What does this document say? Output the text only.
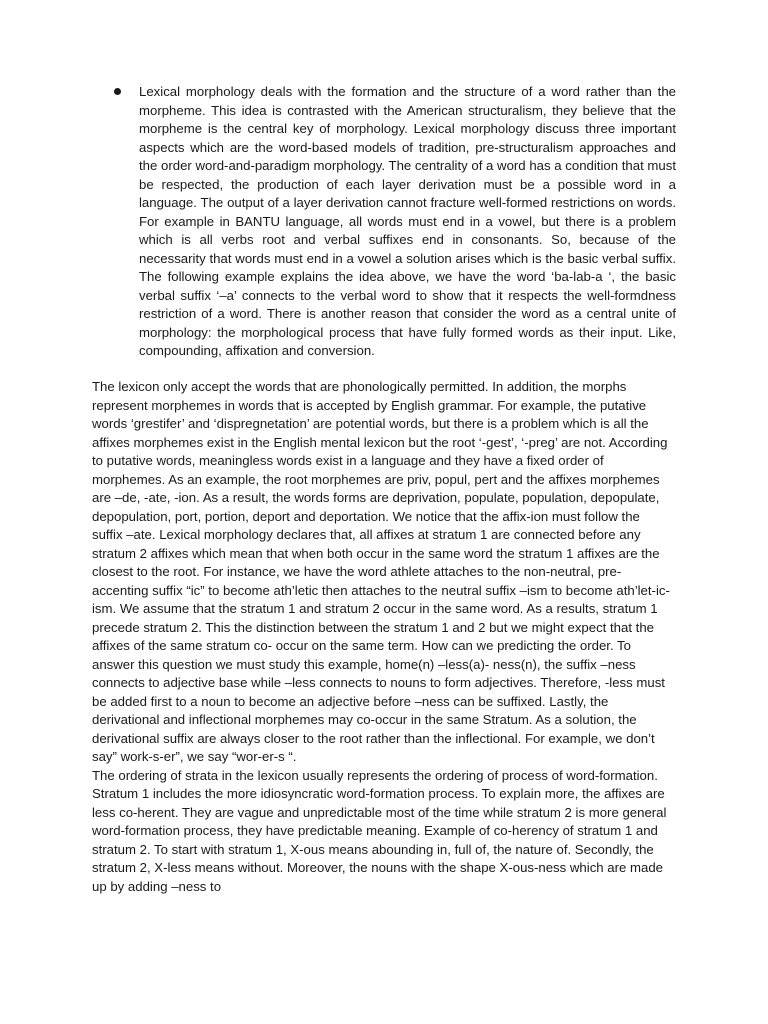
Lexical morphology deals with the formation and the structure of a word rather than the morpheme. This idea is contrasted with the American structuralism, they believe that the morpheme is the central key of morphology. Lexical morphology discuss three important aspects which are the word-based models of tradition, pre-structuralism approaches and the order word-and-paradigm morphology. The centrality of a word has a condition that must be respected, the production of each layer derivation must be a possible word in a language. The output of a layer derivation cannot fracture well-formed restrictions on words. For example in BANTU language, all words must end in a vowel, but there is a problem which is all verbs root and verbal suffixes end in consonants. So, because of the necessarity that words must end in a vowel a solution arises which is the basic verbal suffix. The following example explains the idea above, we have the word ‘ba-lab-a ‘, the basic verbal suffix ‘–a’ connects to the verbal word to show that it respects the well-formdness restriction of a word. There is another reason that consider the word as a central unite of morphology: the morphological process that have fully formed words as their input. Like, compounding, affixation and conversion.

The lexicon only accept the words that are phonologically permitted. In addition, the morphs represent morphemes in words that is accepted by English grammar. For example, the putative words ‘grestifer’ and ‘dispregnetation’ are potential words, but there is a problem which is all the affixes morphemes exist in the English mental lexicon but the root ‘-gest’, ‘-preg’ are not. According to putative words, meaningless words exist in a language and they have a fixed order of morphemes. As an example, the root morphemes are priv, popul, pert and the affixes morphemes are –de, -ate, -ion. As a result, the words forms are deprivation, populate, population, depopulate, depopulation, port, portion, deport and deportation. We notice that the affix-ion must follow the suffix –ate. Lexical morphology declares that, all affixes at stratum 1 are connected before any stratum 2 affixes which mean that when both occur in the same word the stratum 1 affixes are the closest to the root. For instance, we have the word athlete attaches to the non-neutral, pre-accenting suffix “ic” to become ath’letic then attaches to the neutral suffix –ism to become ath’let-ic-ism. We assume that the stratum 1 and stratum 2 occur in the same word. As a results, stratum 1 precede stratum 2. This the distinction between the stratum 1 and 2 but we might expect that the affixes of the same stratum co- occur on the same term. How can we predicting the order. To answer this question we must study this example, home(n) –less(a)- ness(n), the suffix –ness connects to adjective base while –less connects to nouns to form adjectives. Therefore, -less must be added first to a noun to become an adjective before –ness can be suffixed. Lastly, the derivational and inflectional morphemes may co-occur in the same Stratum. As a solution, the derivational suffix are always closer to the root rather than the inflectional. For example, we don’t say” work-s-er”, we say “wor-er-s “.

The ordering of strata in the lexicon usually represents the ordering of process of word-formation. Stratum 1 includes the more idiosyncratic word-formation process. To explain more, the affixes are less co-herent. They are vague and unpredictable most of the time while stratum 2 is more general word-formation process, they have predictable meaning. Example of co-herency of stratum 1 and stratum 2. To start with stratum 1, X-ous means abounding in, full of, the nature of. Secondly, the stratum 2, X-less means without. Moreover, the nouns with the shape X-ous-ness which are made up by adding –ness to
